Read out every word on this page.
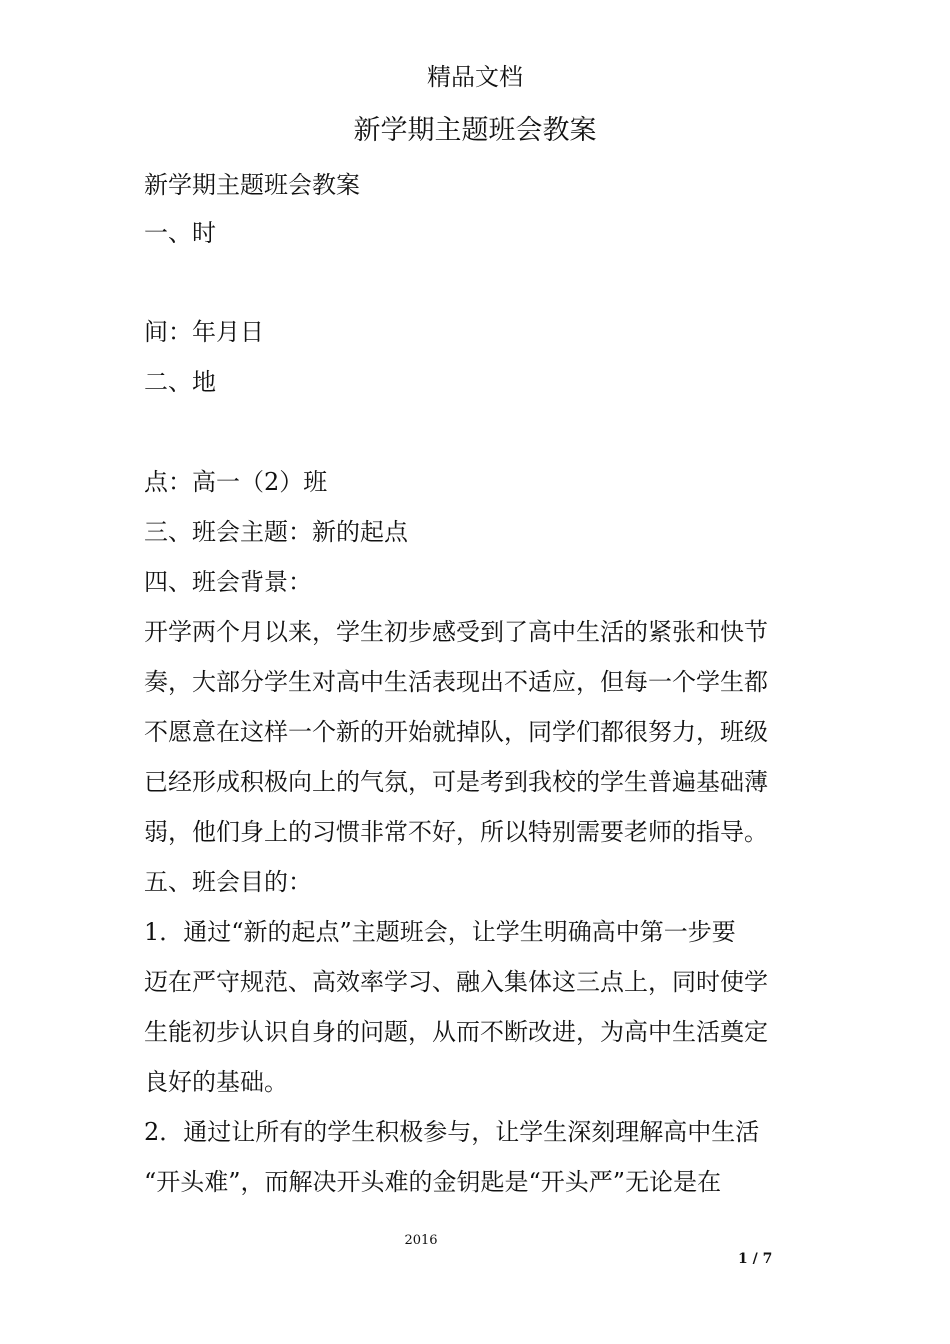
精品文档
新学期主题班会教案
新学期主题班会教案
一、时
间：年月日
二、地
点：高一（2）班
三、班会主题：新的起点
四、班会背景：
开学两个月以来，学生初步感受到了高中生活的紧张和快节
奏，大部分学生对高中生活表现出不适应，但每一个学生都
不愿意在这样一个新的开始就掉队，同学们都很努力，班级
已经形成积极向上的气氛，可是考到我校的学生普遍基础薄
弱，他们身上的习惯非常不好，所以特别需要老师的指导。
五、班会目的：
1．通过“新的起点”主题班会，让学生明确高中第一步要
迈在严守规范、高效率学习、融入集体这三点上，同时使学
生能初步认识自身的问题，从而不断改进，为高中生活奠定
良好的基础。
2．通过让所有的学生积极参与，让学生深刻理解高中生活
“开头难”，而解决开头难的金钥匙是“开头严”无论是在
2016
1 / 7
